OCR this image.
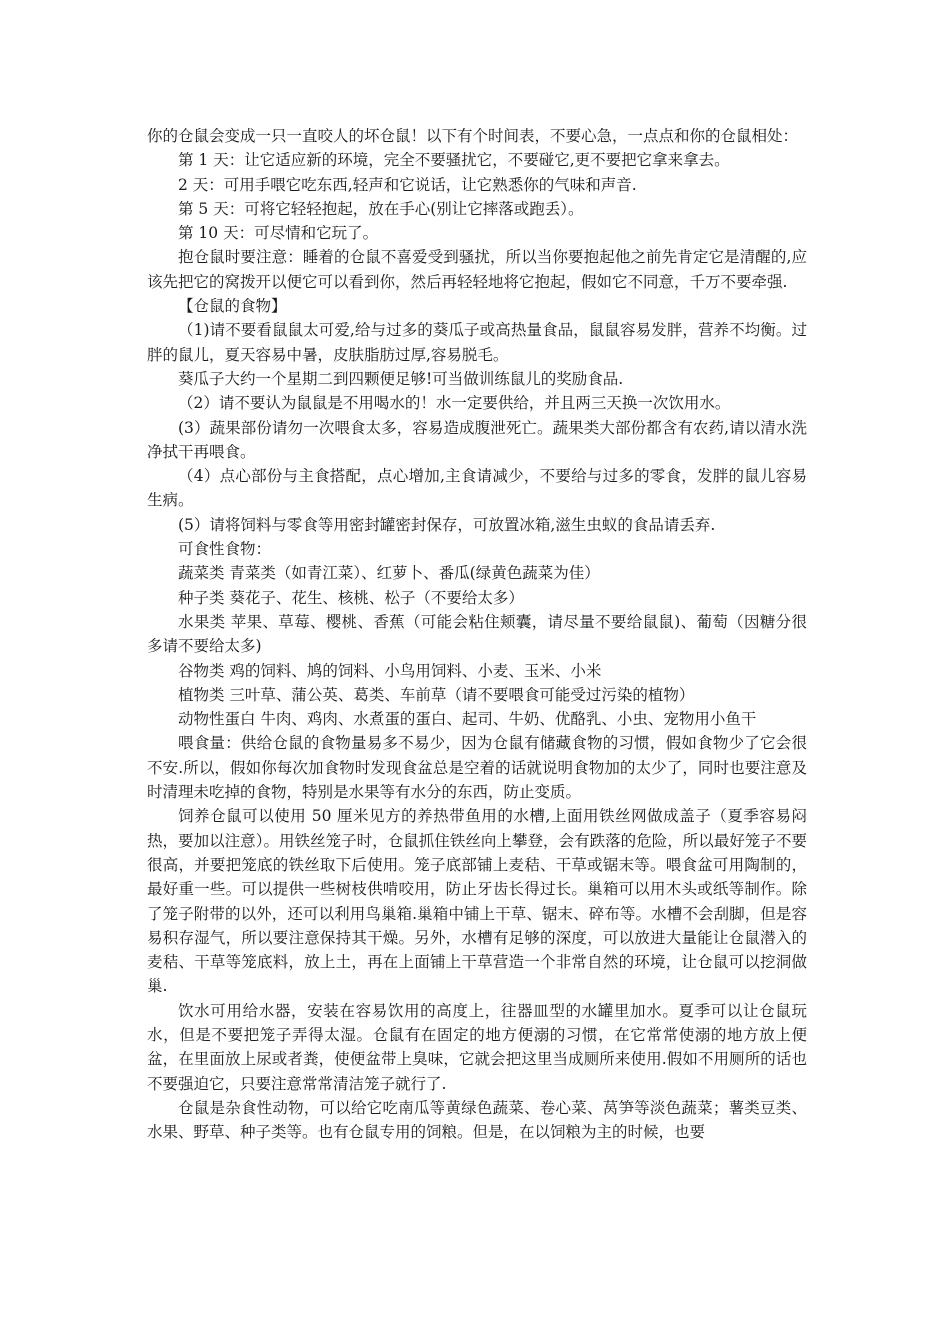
你的仓鼠会变成一只一直咬人的坏仓鼠！以下有个时间表，不要心急，一点点和你的仓鼠相处：

第 1 天：让它适应新的环境，完全不要骚扰它，不要碰它,更不要把它拿来拿去。

2 天：可用手喂它吃东西,轻声和它说话，让它熟悉你的气味和声音.

第 5 天：可将它轻轻抱起，放在手心(别让它摔落或跑丢）。

第 10 天：可尽情和它玩了。

抱仓鼠时要注意：睡着的仓鼠不喜爱受到骚扰，所以当你要抱起他之前先肯定它是清醒的,应该先把它的窝拨开以便它可以看到你，然后再轻轻地将它抱起，假如它不同意，千万不要牵强.

【仓鼠的食物】

（1)请不要看鼠鼠太可爱,给与过多的葵瓜子或高热量食品，鼠鼠容易发胖，营养不均衡。过胖的鼠儿，夏天容易中暑，皮肤脂肪过厚,容易脱毛。

葵瓜子大约一个星期二到四颗便足够!可当做训练鼠儿的奖励食品.

（2）请不要认为鼠鼠是不用喝水的！水一定要供给，并且两三天换一次饮用水。

(3）蔬果部份请勿一次喂食太多，容易造成腹泄死亡。蔬果类大部份都含有农药,请以清水洗净拭干再喂食。

（4）点心部份与主食搭配，点心增加,主食请减少，不要给与过多的零食，发胖的鼠儿容易生病。

(5）请将饲料与零食等用密封罐密封保存，可放置冰箱,滋生虫蚁的食品请丢弃.

可食性食物：

蔬菜类 青菜类（如青江菜）、红萝卜、番瓜(绿黄色蔬菜为佳）

种子类 葵花子、花生、核桃、松子（不要给太多）

水果类 苹果、草莓、樱桃、香蕉（可能会粘住颊囊，请尽量不要给鼠鼠)、葡萄（因糖分很多请不要给太多)

谷物类 鸡的饲料、鸠的饲料、小鸟用饲料、小麦、玉米、小米

植物类 三叶草、蒲公英、葛类、车前草（请不要喂食可能受过污染的植物）

动物性蛋白 牛肉、鸡肉、水煮蛋的蛋白、起司、牛奶、优酪乳、小虫、宠物用小鱼干

喂食量：供给仓鼠的食物量易多不易少，因为仓鼠有储藏食物的习惯，假如食物少了它会很不安.所以，假如你每次加食物时发现食盆总是空着的话就说明食物加的太少了，同时也要注意及时清理未吃掉的食物，特别是水果等有水分的东西，防止变质。

饲养仓鼠可以使用 50 厘米见方的养热带鱼用的水槽,上面用铁丝网做成盖子（夏季容易闷热，要加以注意）。用铁丝笼子时，仓鼠抓住铁丝向上攀登，会有跌落的危险，所以最好笼子不要很高，并要把笼底的铁丝取下后使用。笼子底部铺上麦秸、干草或锯末等。喂食盆可用陶制的，最好重一些。可以提供一些树枝供啃咬用，防止牙齿长得过长。巢箱可以用木头或纸等制作。除了笼子附带的以外，还可以利用鸟巢箱.巢箱中铺上干草、锯末、碎布等。水槽不会刮脚，但是容易积存湿气，所以要注意保持其干燥。另外，水槽有足够的深度，可以放进大量能让仓鼠潜入的麦秸、干草等笼底料，放上土，再在上面铺上干草营造一个非常自然的环境，让仓鼠可以挖洞做巢.

饮水可用给水器，安装在容易饮用的高度上，往器皿型的水罐里加水。夏季可以让仓鼠玩水，但是不要把笼子弄得太湿。仓鼠有在固定的地方便溺的习惯，在它常常使溺的地方放上便盆，在里面放上尿或者粪，使便盆带上臭味，它就会把这里当成厕所来使用.假如不用厕所的话也不要强迫它，只要注意常常清洁笼子就行了.

仓鼠是杂食性动物，可以给它吃南瓜等黄绿色蔬菜、卷心菜、莴笋等淡色蔬菜；薯类豆类、水果、野草、种子类等。也有仓鼠专用的饲粮。但是，在以饲粮为主的时候，也要
